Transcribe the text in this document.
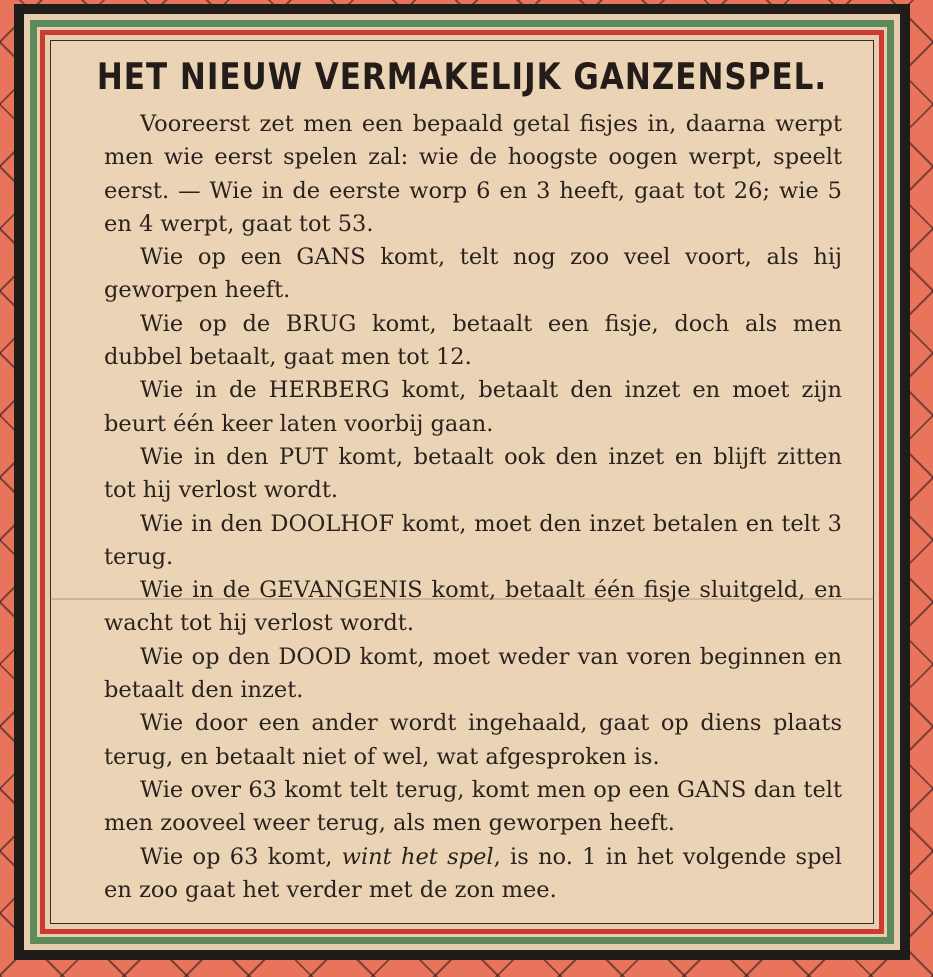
HET NIEUW VERMAKELIJK GANZENSPEL.
Vooreerst zet men een bepaald getal fisjes in, daarna werpt men wie eerst spelen zal: wie de hoogste oogen werpt, speelt eerst. — Wie in de eerste worp 6 en 3 heeft, gaat tot 26; wie 5 en 4 werpt, gaat tot 53.
Wie op een GANS komt, telt nog zoo veel voort, als hij geworpen heeft.
Wie op de BRUG komt, betaalt een fisje, doch als men dubbel betaalt, gaat men tot 12.
Wie in de HERBERG komt, betaalt den inzet en moet zijn beurt één keer laten voorbij gaan.
Wie in den PUT komt, betaalt ook den inzet en blijft zitten tot hij verlost wordt.
Wie in den DOOLHOF komt, moet den inzet betalen en telt 3 terug.
Wie in de GEVANGENIS komt, betaalt één fisje sluitgeld, en wacht tot hij verlost wordt.
Wie op den DOOD komt, moet weder van voren beginnen en betaalt den inzet.
Wie door een ander wordt ingehaald, gaat op diens plaats terug, en betaalt niet of wel, wat afgesproken is.
Wie over 63 komt telt terug, komt men op een GANS dan telt men zooveel weer terug, als men geworpen heeft.
Wie op 63 komt, wint het spel, is no. 1 in het volgende spel en zoo gaat het verder met de zon mee.
